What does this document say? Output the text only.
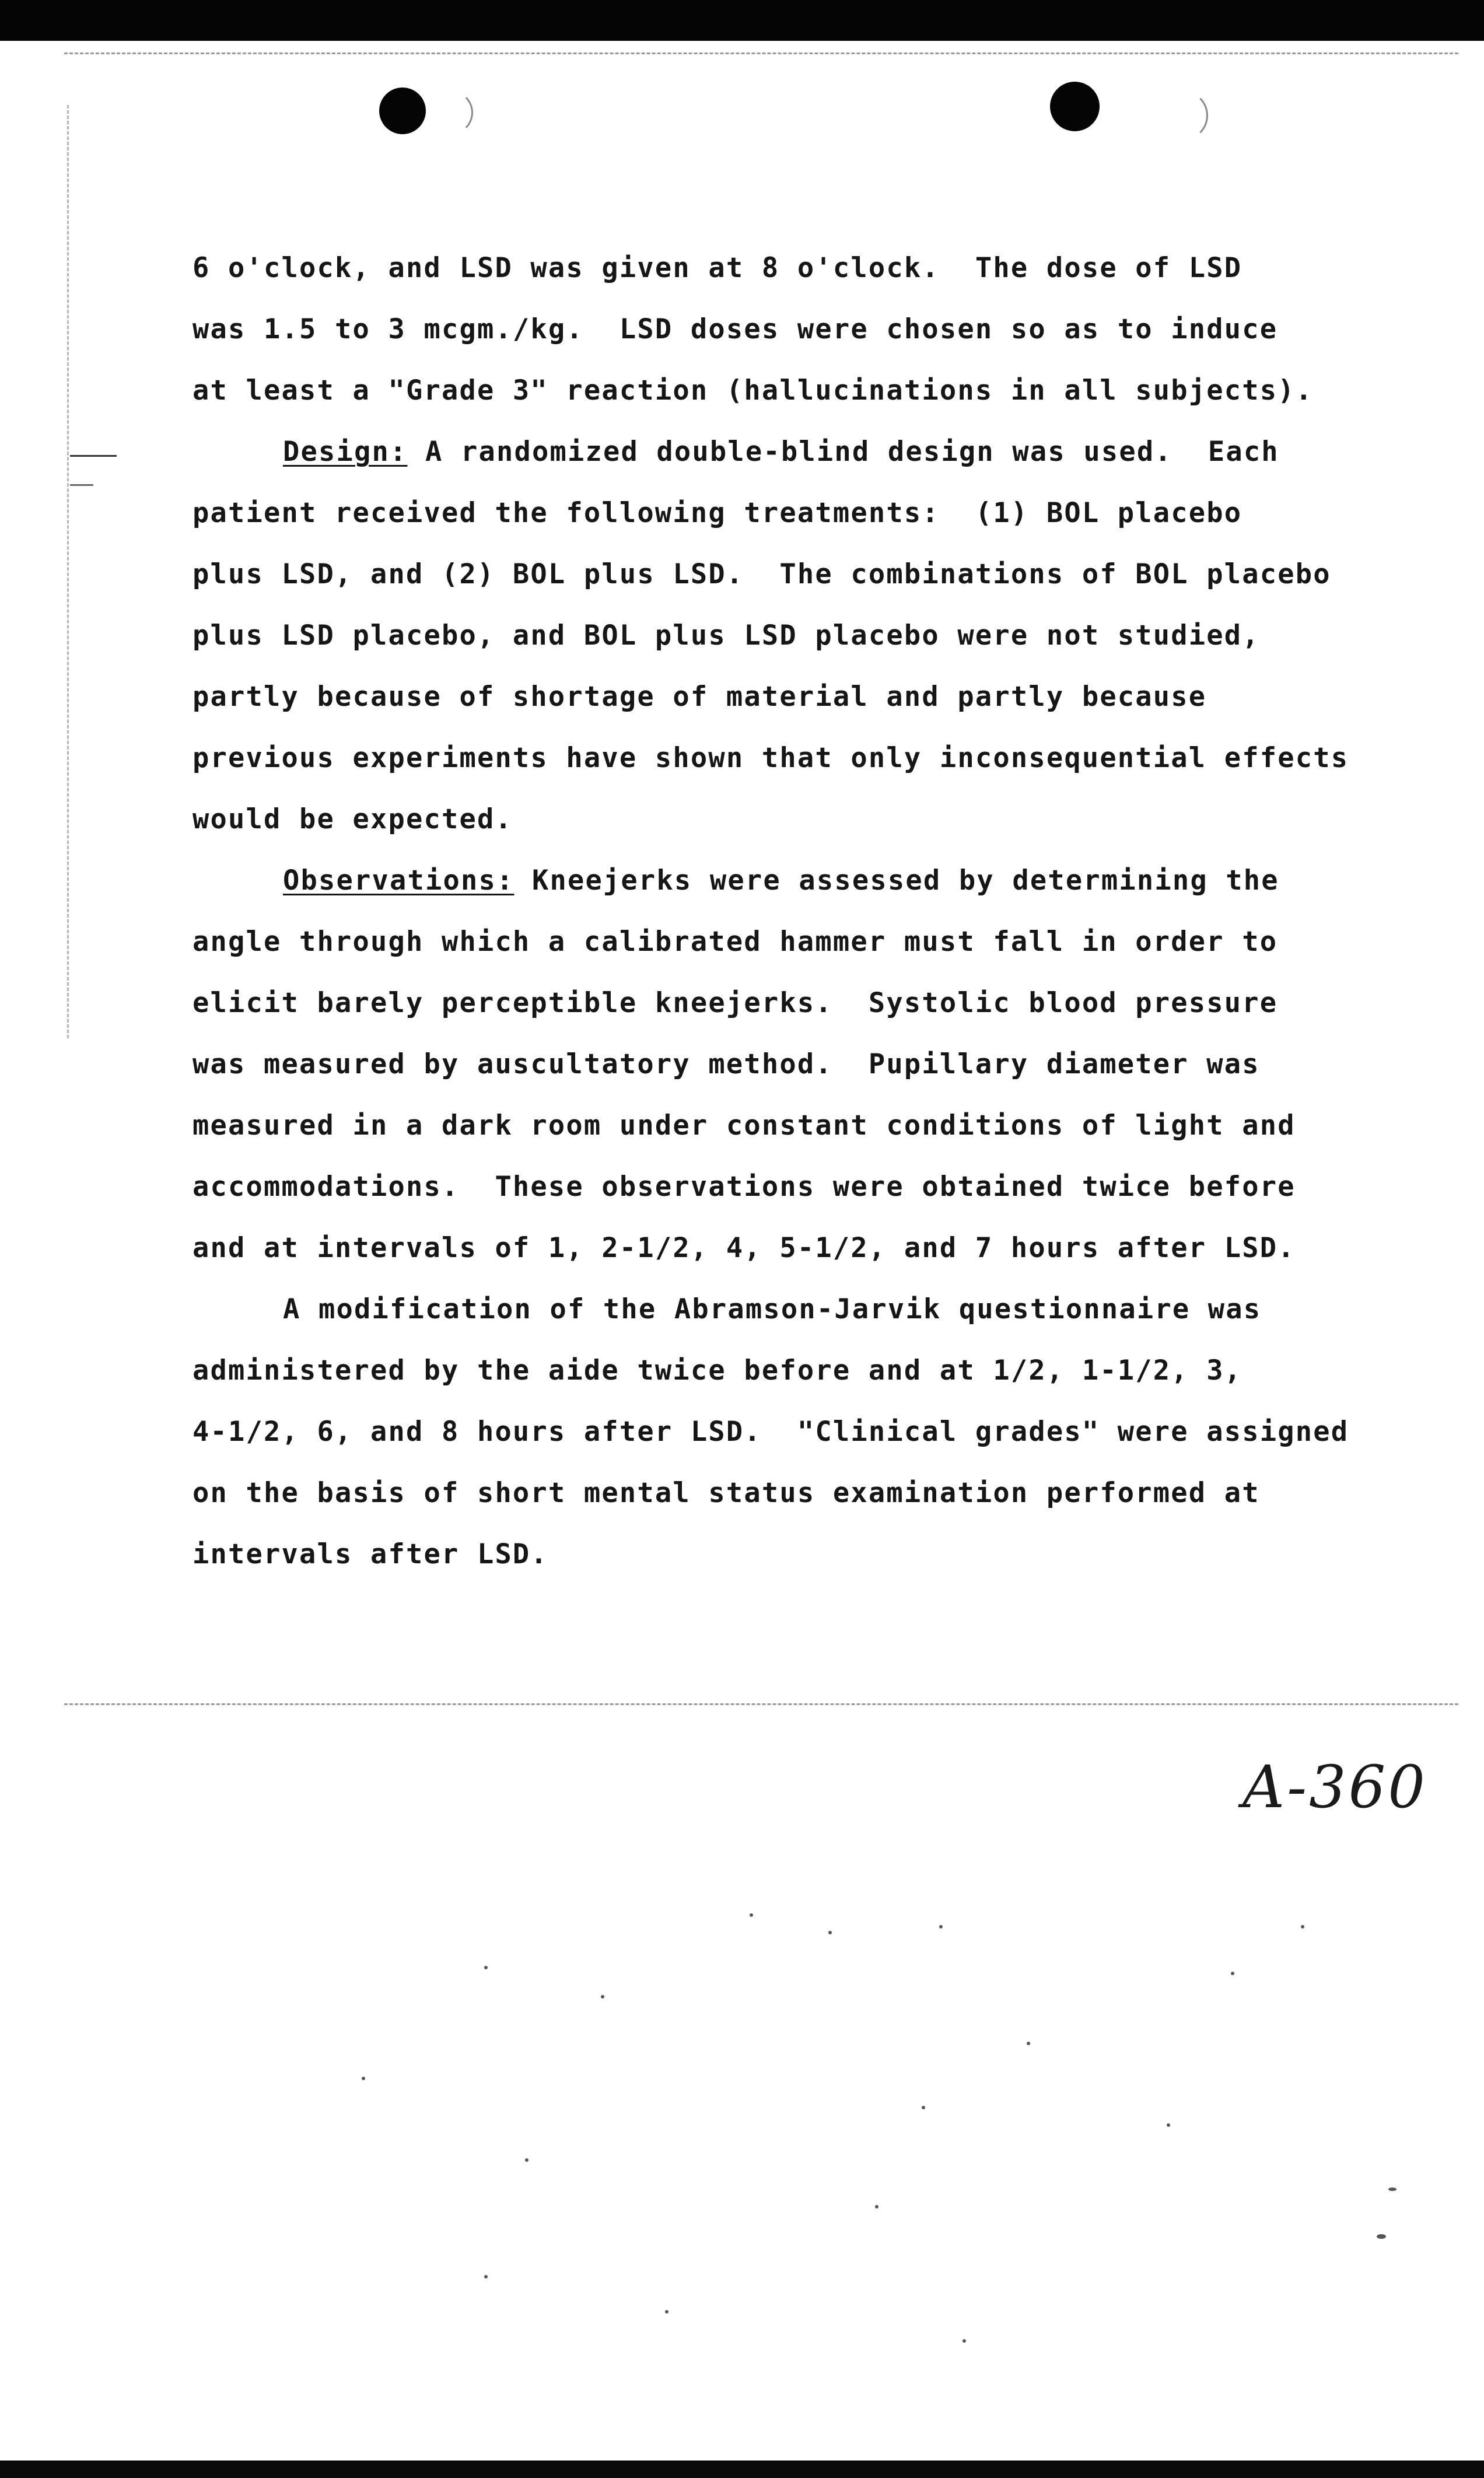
6 o'clock, and LSD was given at 8 o'clock.  The dose of LSD
was 1.5 to 3 mcgm./kg.  LSD doses were chosen so as to induce
at least a "Grade 3" reaction (hallucinations in all subjects).
Design: A randomized double-blind design was used.  Each
patient received the following treatments:  (1) BOL placebo
plus LSD, and (2) BOL plus LSD.  The combinations of BOL placebo
plus LSD placebo, and BOL plus LSD placebo were not studied,
partly because of shortage of material and partly because
previous experiments have shown that only inconsequential effects
would be expected.
Observations: Kneejerks were assessed by determining the
angle through which a calibrated hammer must fall in order to
elicit barely perceptible kneejerks.  Systolic blood pressure
was measured by auscultatory method.  Pupillary diameter was
measured in a dark room under constant conditions of light and
accommodations.  These observations were obtained twice before
and at intervals of 1, 2-1/2, 4, 5-1/2, and 7 hours after LSD.
A modification of the Abramson-Jarvik questionnaire was
administered by the aide twice before and at 1/2, 1-1/2, 3,
4-1/2, 6, and 8 hours after LSD.  "Clinical grades" were assigned
on the basis of short mental status examination performed at
intervals after LSD.
A-360
